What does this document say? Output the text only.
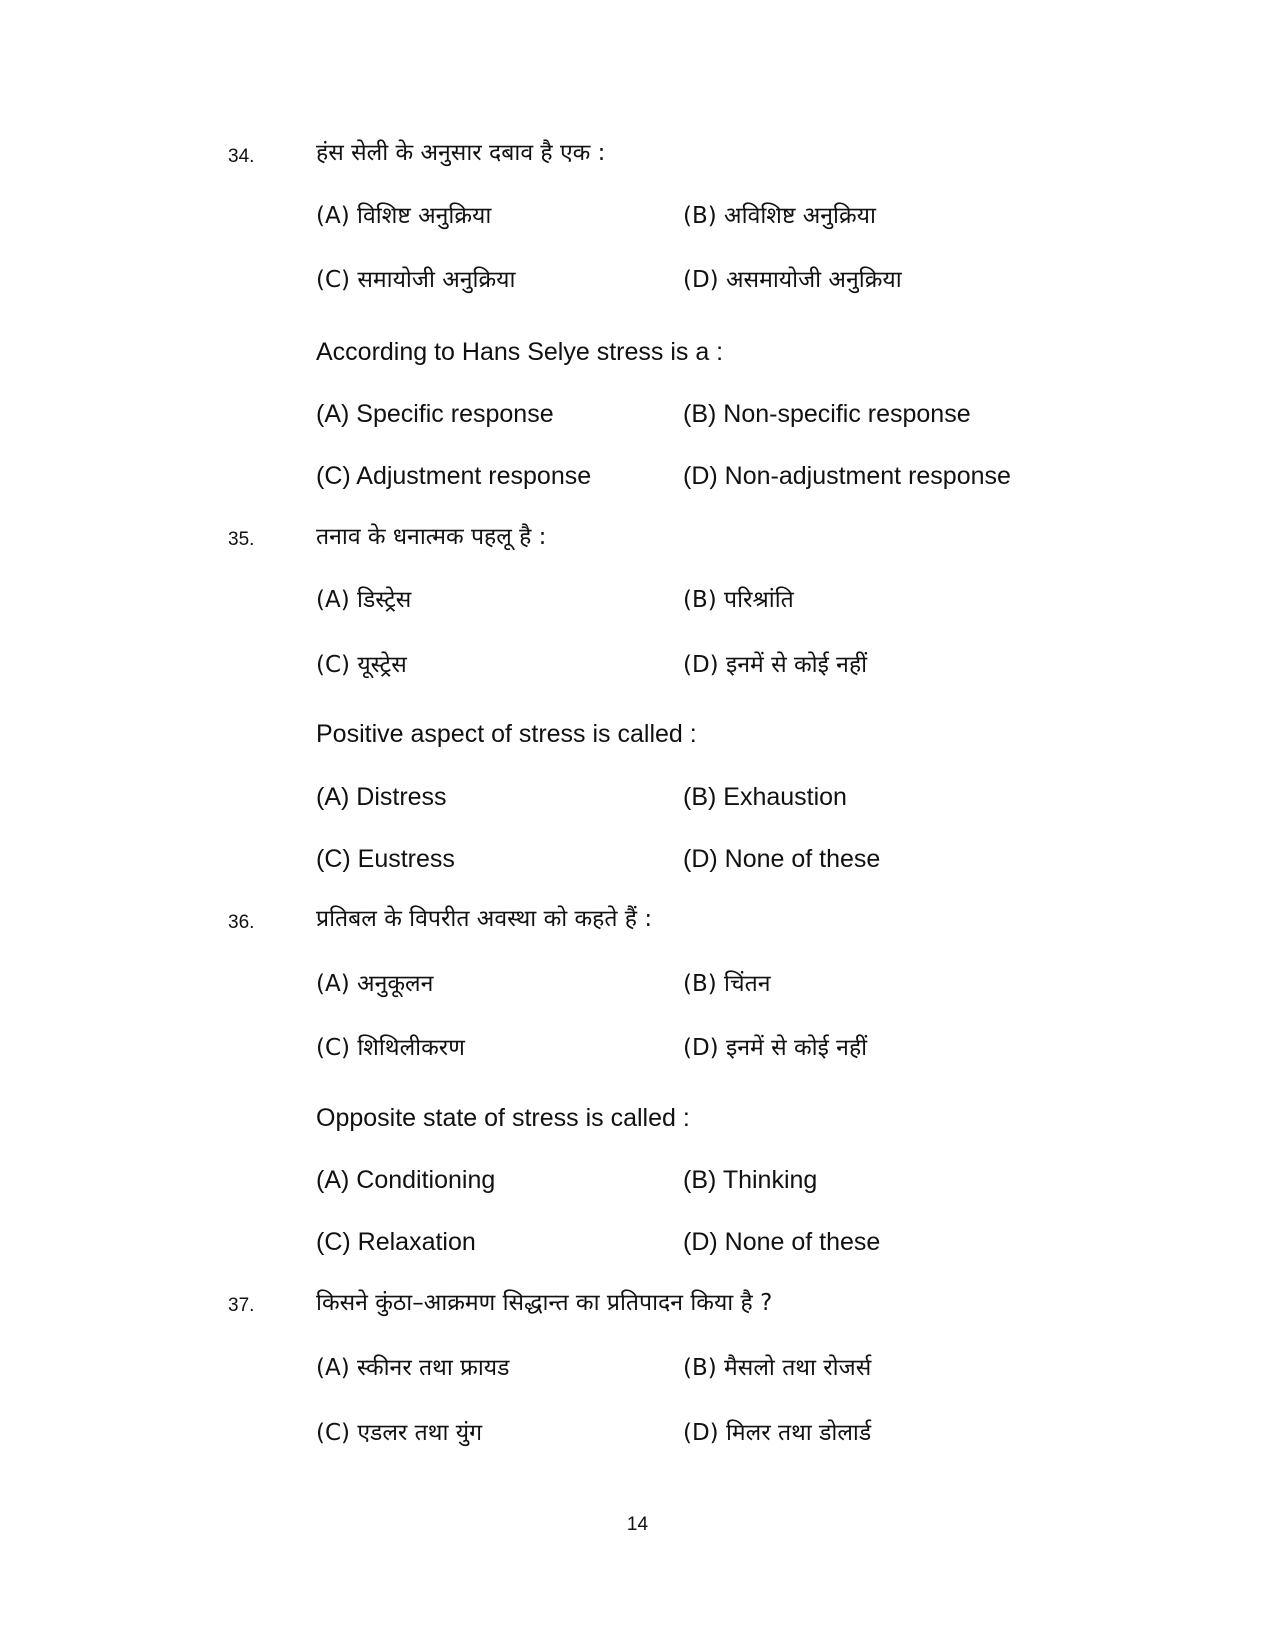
34.	हंस सेली के अनुसार दबाव है एक :
(A) विशिष्ट अनुक्रिया	(B) अविशिष्ट अनुक्रिया
(C) समायोजी अनुक्रिया	(D) असमायोजी अनुक्रिया
According to Hans Selye stress is a :
(A) Specific response	(B) Non-specific response
(C) Adjustment response	(D) Non-adjustment response
35.	तनाव के धनात्मक पहलू है :
(A) डिस्ट्रेस	(B) परिश्रांति
(C) यूस्ट्रेस	(D) इनमें से कोई नहीं
Positive aspect of stress is called :
(A) Distress	(B) Exhaustion
(C) Eustress	(D) None of these
36.	प्रतिबल के विपरीत अवस्था को कहते हैं :
(A) अनुकूलन	(B) चिंतन
(C) शिथिलीकरण	(D) इनमें से कोई नहीं
Opposite state of stress is called :
(A) Conditioning	(B) Thinking
(C) Relaxation	(D) None of these
37.	किसने कुंठा–आक्रमण सिद्धान्त का प्रतिपादन किया है ?
(A) स्कीनर तथा फ्रायड	(B) मैसलो तथा रोजर्स
(C) एडलर तथा युंग	(D) मिलर तथा डोलार्ड
14
